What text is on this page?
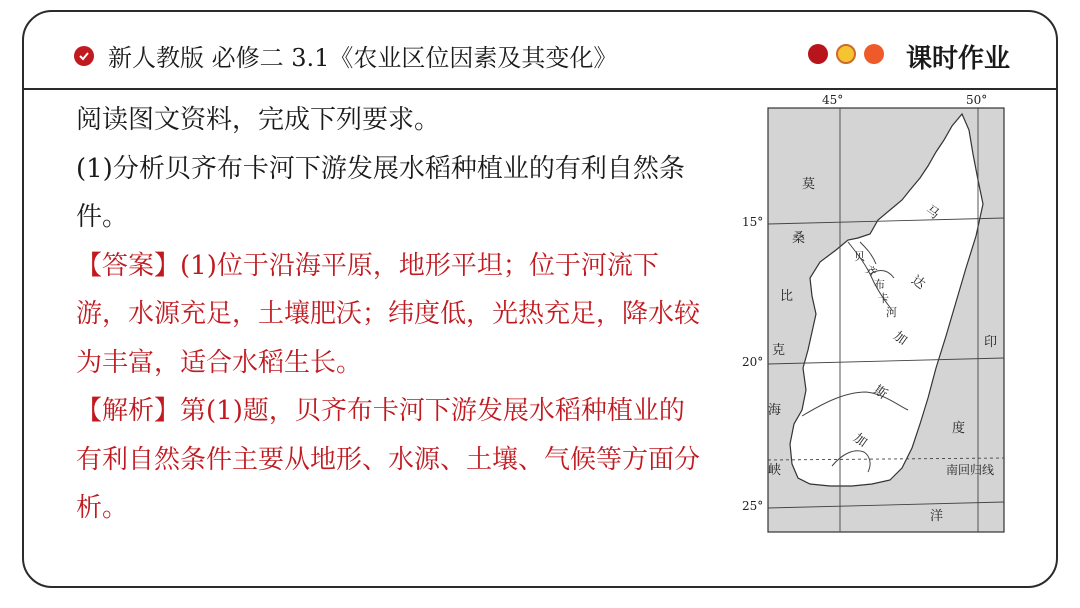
新人教版 必修二 3.1《农业区位因素及其变化》	课时作业

阅读图文资料，完成下列要求。

(1)分析贝齐布卡河下游发展水稻种植业的有利自然条件。

【答案】(1)位于沿海平原，地形平坦；位于河流下游，水源充足，土壤肥沃；纬度低，光热充足，降水较为丰富，适合水稻生长。

【解析】第(1)题，贝齐布卡河下游发展水稻种植业的有利自然条件主要从地形、水源、土壤、气候等方面分析。

45°	50°
15°
20°
25°
莫
桑
比
克
海
峡
马
达
加
斯
加
印
度
洋
贝
齐
布
卡
河
南回归线
